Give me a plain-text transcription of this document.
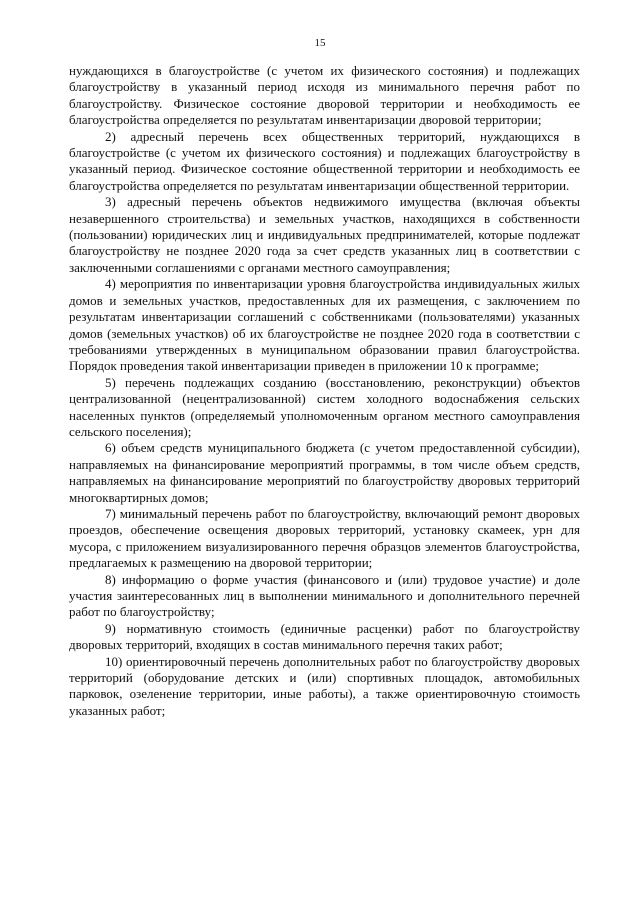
15

нуждающихся в благоустройстве (с учетом их физического состояния) и подлежащих благоустройству в указанный период исходя из минимального перечня работ по благоустройству. Физическое состояние дворовой территории и необходимость ее благоустройства определяется по результатам инвентаризации дворовой территории;

2) адресный перечень всех общественных территорий, нуждающихся в благоустройстве (с учетом их физического состояния) и подлежащих благоустройству в указанный период. Физическое состояние общественной территории и необходимость ее благоустройства определяется по результатам инвентаризации общественной территории.

3) адресный перечень объектов недвижимого имущества (включая объекты незавершенного строительства) и земельных участков, находящихся в собственности (пользовании) юридических лиц и индивидуальных предпринимателей, которые подлежат благоустройству не позднее 2020 года за счет средств указанных лиц в соответствии с заключенными соглашениями с органами местного самоуправления;

4) мероприятия по инвентаризации уровня благоустройства индивидуальных жилых домов и земельных участков, предоставленных для их размещения, с заключением по результатам инвентаризации соглашений с собственниками (пользователями) указанных домов (земельных участков) об их благоустройстве не позднее 2020 года в соответствии с требованиями утвержденных в муниципальном образовании правил благоустройства. Порядок проведения такой инвентаризации приведен в приложении 10 к программе;

5) перечень подлежащих созданию (восстановлению, реконструкции) объектов централизованной (нецентрализованной) систем холодного водоснабжения сельских населенных пунктов (определяемый уполномоченным органом местного самоуправления сельского поселения);

6) объем средств муниципального бюджета (с учетом предоставленной субсидии), направляемых на финансирование мероприятий программы, в том числе объем средств, направляемых на финансирование мероприятий по благоустройству дворовых территорий многоквартирных домов;

7) минимальный перечень работ по благоустройству, включающий ремонт дворовых проездов, обеспечение освещения дворовых территорий, установку скамеек, урн для мусора, с приложением визуализированного перечня образцов элементов благоустройства, предлагаемых к размещению на дворовой территории;

8) информацию о форме участия (финансового и (или) трудовое участие) и доле участия заинтересованных лиц в выполнении минимального и дополнительного перечней работ по благоустройству;

9) нормативную стоимость (единичные расценки) работ по благоустройству дворовых территорий, входящих в состав минимального перечня таких работ;

10) ориентировочный перечень дополнительных работ по благоустройству дворовых территорий (оборудование детских и (или) спортивных площадок, автомобильных парковок, озеленение территории, иные работы), а также ориентировочную стоимость указанных работ;
